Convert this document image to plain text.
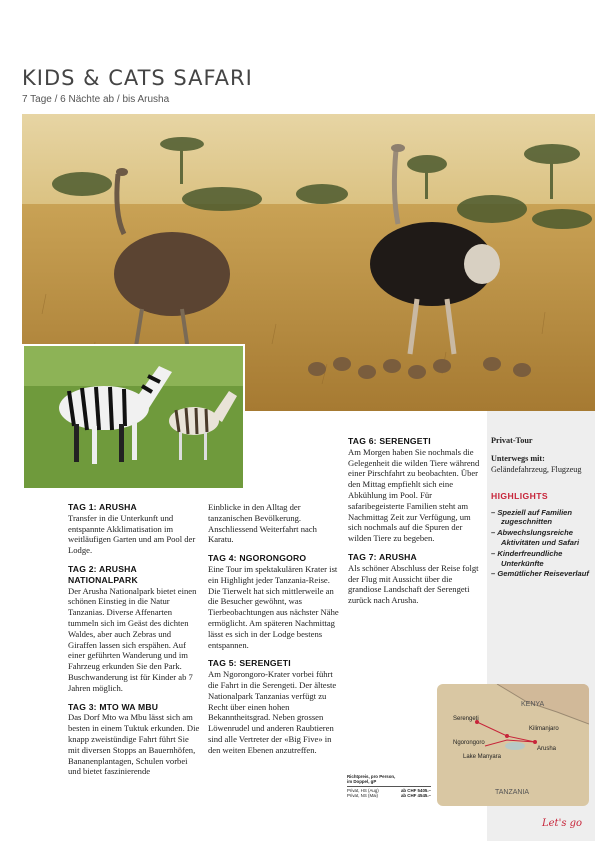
KIDS & CATS SAFARI
7 Tage / 6 Nächte ab / bis Arusha
TAG 1: ARUSHA

Transfer in die Unterkunft und entspannte Akklimatisation im weitläufigen Garten und am Pool der Lodge.

TAG 2: ARUSHA NATIONALPARK

Der Arusha Nationalpark bietet einen schönen Einstieg in die Natur Tanzanias. Diverse Affenarten tummeln sich im Geäst des dichten Waldes, aber auch Zebras und Giraffen lassen sich erspähen. Auf einer geführten Wanderung und im Fahrzeug erkunden Sie den Park. Buschwanderung ist für Kinder ab 7 Jahren möglich.

TAG 3: MTO WA MBU

Das Dorf Mto wa Mbu lässt sich am besten in einem Tuktuk erkunden. Die knapp zweistündige Fahrt führt Sie mit diversen Stopps an Bauernhöfen, Bananenplantagen, Schulen vorbei und bietet faszinierende

Einblicke in den Alltag der tanzanischen Bevölkerung. Anschliessend Weiterfahrt nach Karatu.

TAG 4: NGORONGORO

Eine Tour im spektakulären Krater ist ein Highlight jeder Tanzania-Reise. Die Tierwelt hat sich mittlerweile an die Besucher gewöhnt, was Tierbeobachtungen aus nächster Nähe ermöglicht. Am späteren Nachmittag lässt es sich in der Lodge bestens entspannen.

TAG 5: SERENGETI

Am Ngorongoro-Krater vorbei führt die Fahrt in die Serengeti. Der älteste Nationalpark Tanzanias verfügt zu Recht über einen hohen Bekanntheitsgrad. Neben grossen Löwenrudel und anderen Raubtieren sind alle Vertreter der «Big Five» in den weiten Ebenen anzutreffen.

TAG 6: SERENGETI

Am Morgen haben Sie nochmals die Gelegenheit die wilden Tiere während einer Pirschfahrt zu beobachten. Über den Mittag empfiehlt sich eine Abkühlung im Pool. Für safaribegeisterte Familien steht am Nachmittag Zeit zur Verfügung, um sich nochmals auf die Spuren der wilden Tiere zu begeben.

TAG 7: ARUSHA

Als schöner Abschluss der Reise folgt der Flug mit Aussicht über die grandiose Landschaft der Serengeti zurück nach Arusha.

Privat-Tour
Unterwegs mit:
Geländefahrzeug, Flugzeug
HIGHLIGHTS
– Speziell auf Familien zugeschnitten
– Abwechslungsreiche Aktivitäten und Safari
– Kinderfreundliche Unterkünfte
– Gemütlicher Reiseverlauf
KENYA
Serengeti
Kilimanjaro
Ngorongoro
Arusha
Lake Manyara
TANZANIA
Richtpreis, pro Person,
im Doppel, gP
Privat, HS (Aug)	ab CHF 5405.–
Privat, NS (Mai)	ab CHF 4545.–
Let's go
